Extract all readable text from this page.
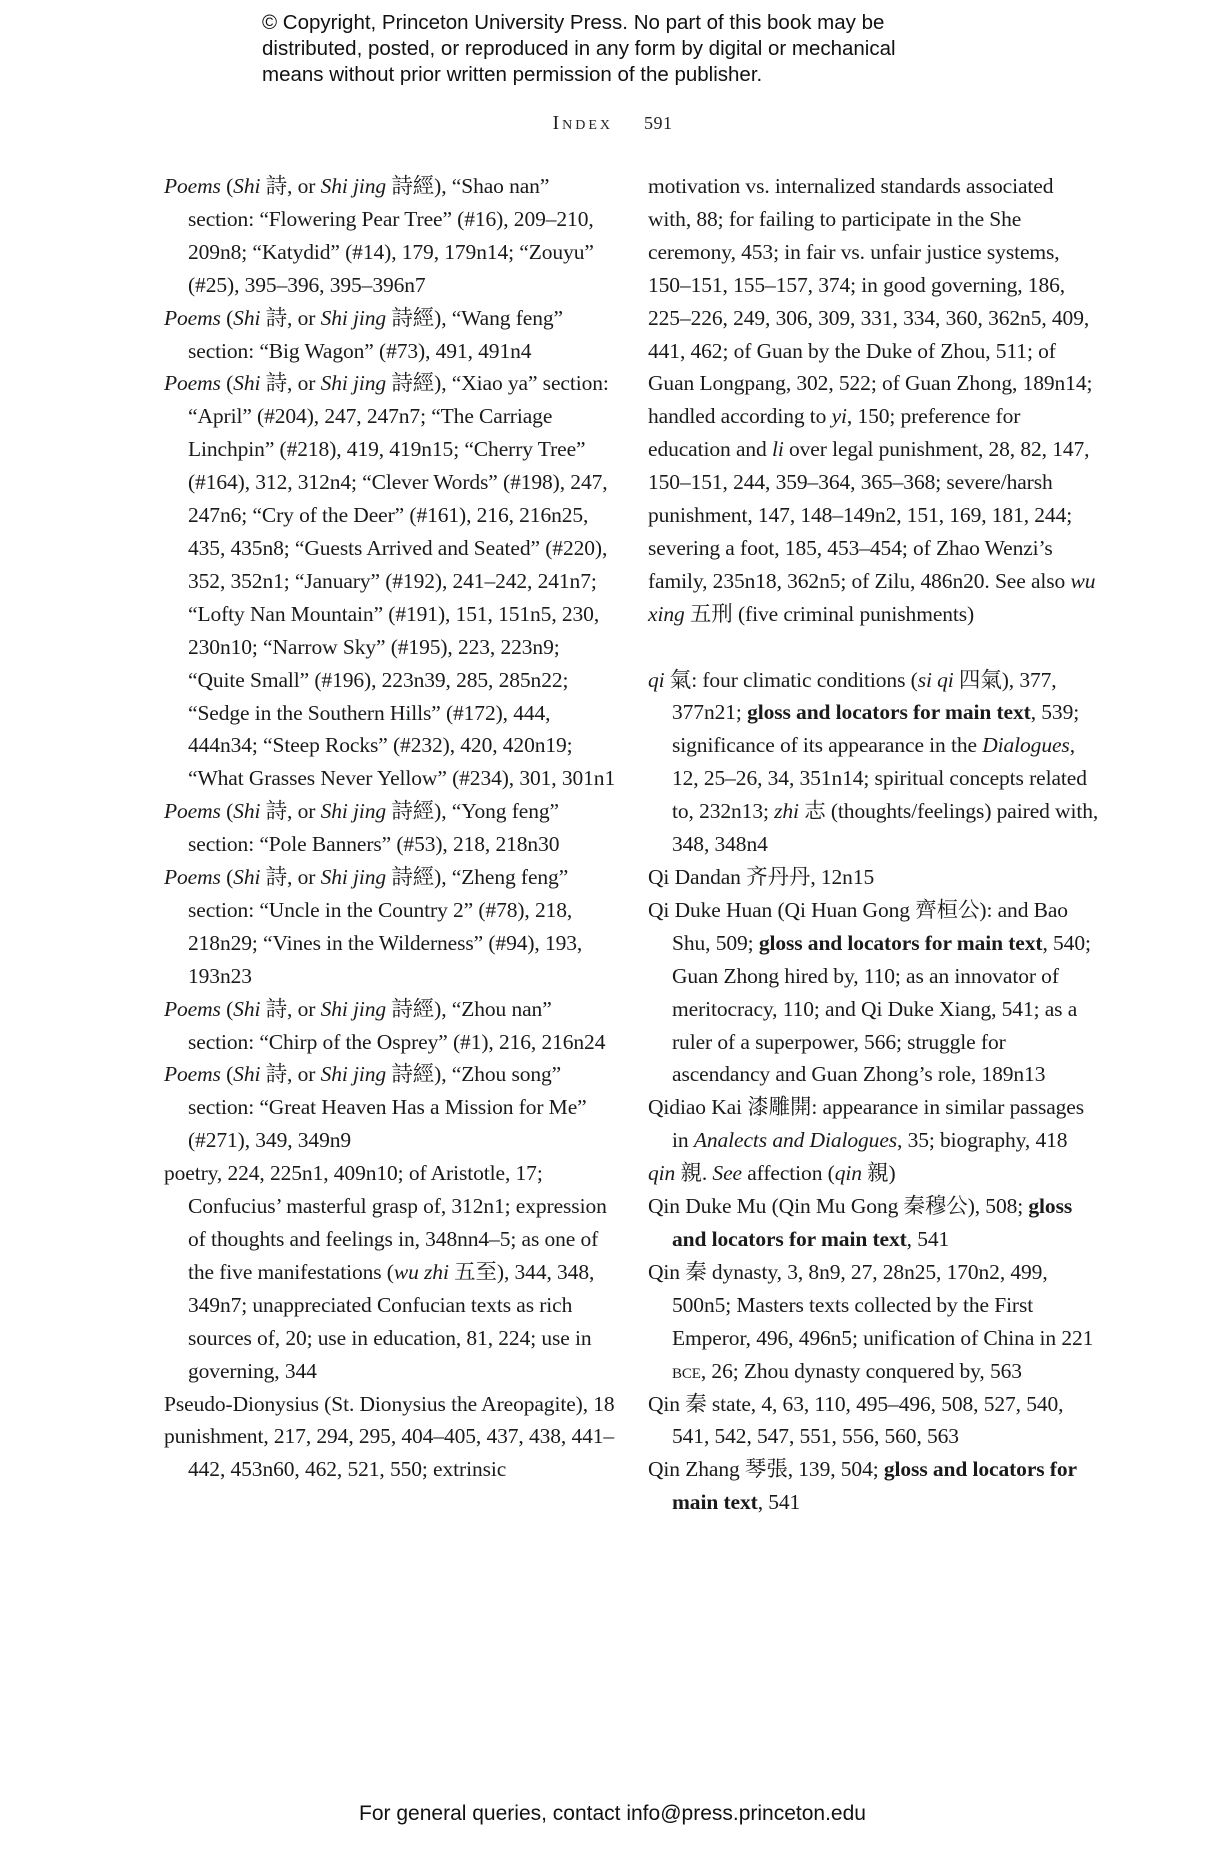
© Copyright, Princeton University Press. No part of this book may be
distributed, posted, or reproduced in any form by digital or mechanical
means without prior written permission of the publisher.
Index 591
Poems (Shi 詩, or Shi jing 詩經), “Shao nan” section: “Flowering Pear Tree” (#16), 209–210, 209n8; “Katydid” (#14), 179, 179n14; “Zouyu” (#25), 395–396, 395–396n7
Poems (Shi 詩, or Shi jing 詩經), “Wang feng” section: “Big Wagon” (#73), 491, 491n4
Poems (Shi 詩, or Shi jing 詩經), “Xiao ya” section: “April” (#204), 247, 247n7; “The Carriage Linchpin” (#218), 419, 419n15; “Cherry Tree” (#164), 312, 312n4; “Clever Words” (#198), 247, 247n6; “Cry of the Deer” (#161), 216, 216n25, 435, 435n8; “Guests Arrived and Seated” (#220), 352, 352n1; “January” (#192), 241–242, 241n7; “Lofty Nan Mountain” (#191), 151, 151n5, 230, 230n10; “Narrow Sky” (#195), 223, 223n9; “Quite Small” (#196), 223n39, 285, 285n22; “Sedge in the Southern Hills” (#172), 444, 444n34; “Steep Rocks” (#232), 420, 420n19; “What Grasses Never Yellow” (#234), 301, 301n1
Poems (Shi 詩, or Shi jing 詩經), “Yong feng” section: “Pole Banners” (#53), 218, 218n30
Poems (Shi 詩, or Shi jing 詩經), “Zheng feng” section: “Uncle in the Country 2” (#78), 218, 218n29; “Vines in the Wilderness” (#94), 193, 193n23
Poems (Shi 詩, or Shi jing 詩經), “Zhou nan” section: “Chirp of the Osprey” (#1), 216, 216n24
Poems (Shi 詩, or Shi jing 詩經), “Zhou song” section: “Great Heaven Has a Mission for Me” (#271), 349, 349n9
poetry, 224, 225n1, 409n10; of Aristotle, 17; Confucius’ masterful grasp of, 312n1; expression of thoughts and feelings in, 348nn4–5; as one of the five manifestations (wu zhi 五至), 344, 348, 349n7; unappreciated Confucian texts as rich sources of, 20; use in education, 81, 224; use in governing, 344
Pseudo-Dionysius (St. Dionysius the Areopagite), 18
punishment, 217, 294, 295, 404–405, 437, 438, 441–442, 453n60, 462, 521, 550; extrinsic
motivation vs. internalized standards associated with, 88; for failing to participate in the She ceremony, 453; in fair vs. unfair justice systems, 150–151, 155–157, 374; in good governing, 186, 225–226, 249, 306, 309, 331, 334, 360, 362n5, 409, 441, 462; of Guan by the Duke of Zhou, 511; of Guan Longpang, 302, 522; of Guan Zhong, 189n14; handled according to yi, 150; preference for education and li over legal punishment, 28, 82, 147, 150–151, 244, 359–364, 365–368; severe/harsh punishment, 147, 148–149n2, 151, 169, 181, 244; severing a foot, 185, 453–454; of Zhao Wenzi’s family, 235n18, 362n5; of Zilu, 486n20. See also wu xing 五刑 (five criminal punishments)
qi 氣: four climatic conditions (si qi 四氣), 377, 377n21; gloss and locators for main text, 539; significance of its appearance in the Dialogues, 12, 25–26, 34, 351n14; spiritual concepts related to, 232n13; zhi 志 (thoughts/feelings) paired with, 348, 348n4
Qi Dandan 齐丹丹, 12n15
Qi Duke Huan (Qi Huan Gong 齊桓公): and Bao Shu, 509; gloss and locators for main text, 540; Guan Zhong hired by, 110; as an innovator of meritocracy, 110; and Qi Duke Xiang, 541; as a ruler of a superpower, 566; struggle for ascendancy and Guan Zhong’s role, 189n13
Qidiao Kai 漆雕開: appearance in similar passages in Analects and Dialogues, 35; biography, 418
qin 親. See affection (qin 親)
Qin Duke Mu (Qin Mu Gong 秦穆公), 508; gloss and locators for main text, 541
Qin 秦 dynasty, 3, 8n9, 27, 28n25, 170n2, 499, 500n5; Masters texts collected by the First Emperor, 496, 496n5; unification of China in 221 bce, 26; Zhou dynasty conquered by, 563
Qin 秦 state, 4, 63, 110, 495–496, 508, 527, 540, 541, 542, 547, 551, 556, 560, 563
Qin Zhang 琴張, 139, 504; gloss and locators for main text, 541
For general queries, contact info@press.princeton.edu
